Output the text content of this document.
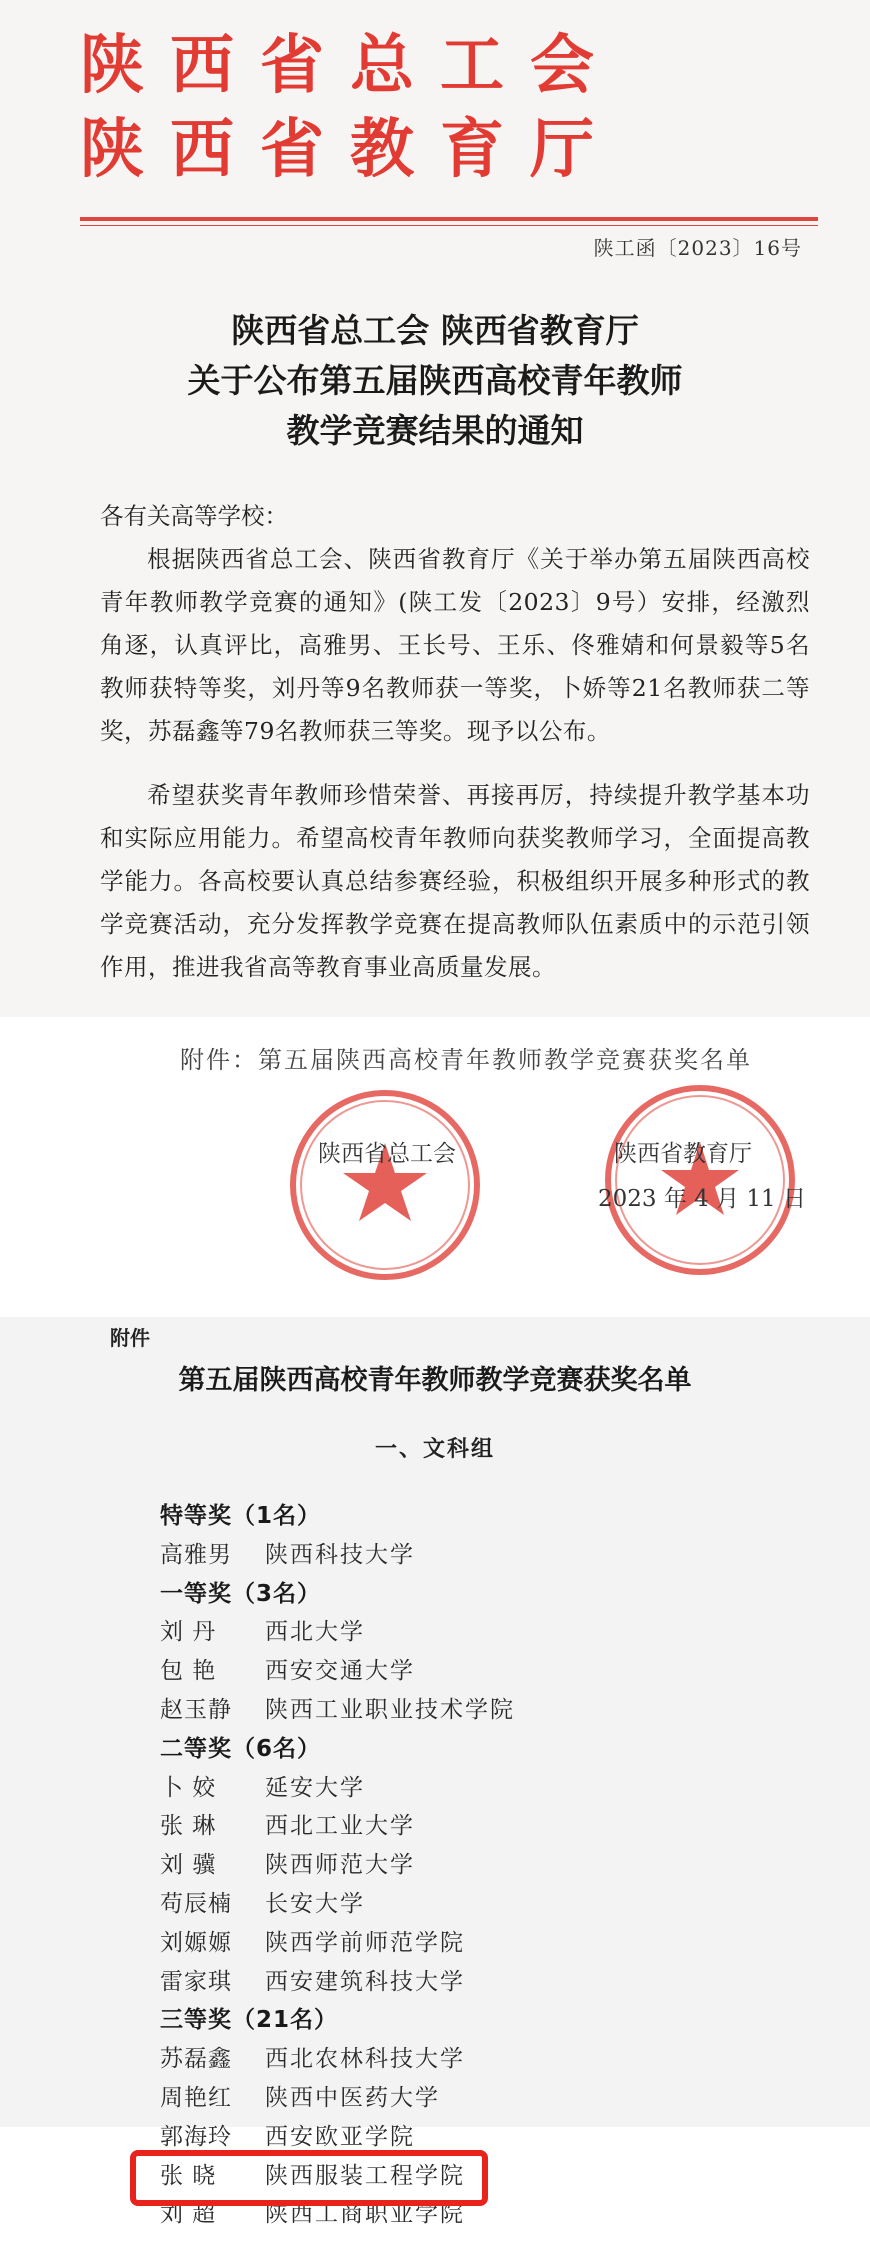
陕西省总工会
陕西省教育厅
陕工函〔2023〕16号
陕西省总工会 陕西省教育厅
关于公布第五届陕西高校青年教师
教学竞赛结果的通知
各有关高等学校：
根据陕西省总工会、陕西省教育厅《关于举办第五届陕西高校青年教师教学竞赛的通知》(陕工发〔2023〕9号）安排，经激烈角逐，认真评比，高雅男、王长号、王乐、佟雅婧和何景毅等5名教师获特等奖，刘丹等9名教师获一等奖，卜娇等21名教师获二等奖，苏磊鑫等79名教师获三等奖。现予以公布。
希望获奖青年教师珍惜荣誉、再接再厉，持续提升教学基本功和实际应用能力。希望高校青年教师向获奖教师学习，全面提高教学能力。各高校要认真总结参赛经验，积极组织开展多种形式的教学竞赛活动，充分发挥教学竞赛在提高教师队伍素质中的示范引领作用，推进我省高等教育事业高质量发展。
附件：第五届陕西高校青年教师教学竞赛获奖名单
陕西省总工会	陕西省教育厅
2023 年 4 月 11 日
附件
第五届陕西高校青年教师教学竞赛获奖名单
一、文科组
特等奖（1名）
高雅男 陕西科技大学
一等奖（3名）
刘 丹 西北大学
包 艳 西安交通大学
赵玉静 陕西工业职业技术学院
二等奖（6名）
卜 姣 延安大学
张 琳 西北工业大学
刘 骥 陕西师范大学
苟辰楠 长安大学
刘嫄嫄 陕西学前师范学院
雷家琪 西安建筑科技大学
三等奖（21名）
苏磊鑫 西北农林科技大学
周艳红 陕西中医药大学
郭海玲 西安欧亚学院
张 晓 陕西服装工程学院
刘 超 陕西工商职业学院
